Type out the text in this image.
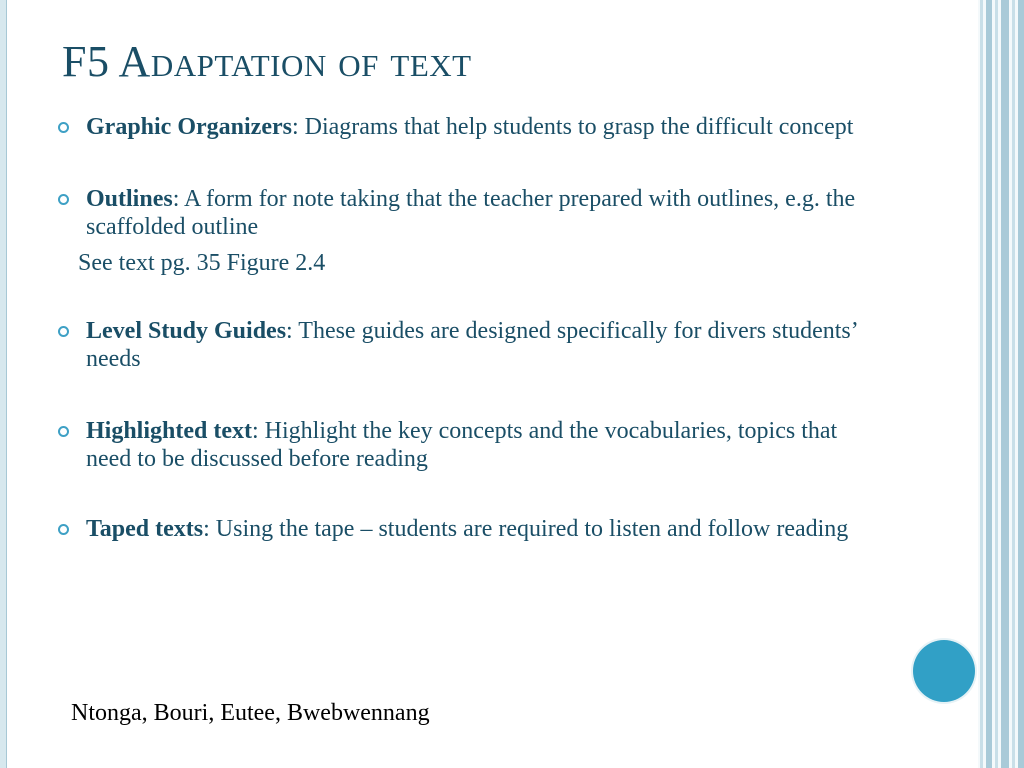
F5 Adaptation of text
Graphic Organizers: Diagrams that help students to grasp the difficult concept
Outlines: A form for note taking that the teacher prepared with outlines, e.g. the scaffolded outline
See text pg. 35 Figure 2.4
Level Study Guides: These guides are designed specifically for divers students’ needs
Highlighted text: Highlight the key concepts and the vocabularies, topics that need to be discussed before reading
Taped texts: Using the tape – students are required to listen and follow reading
Ntonga, Bouri, Eutee, Bwebwennang
